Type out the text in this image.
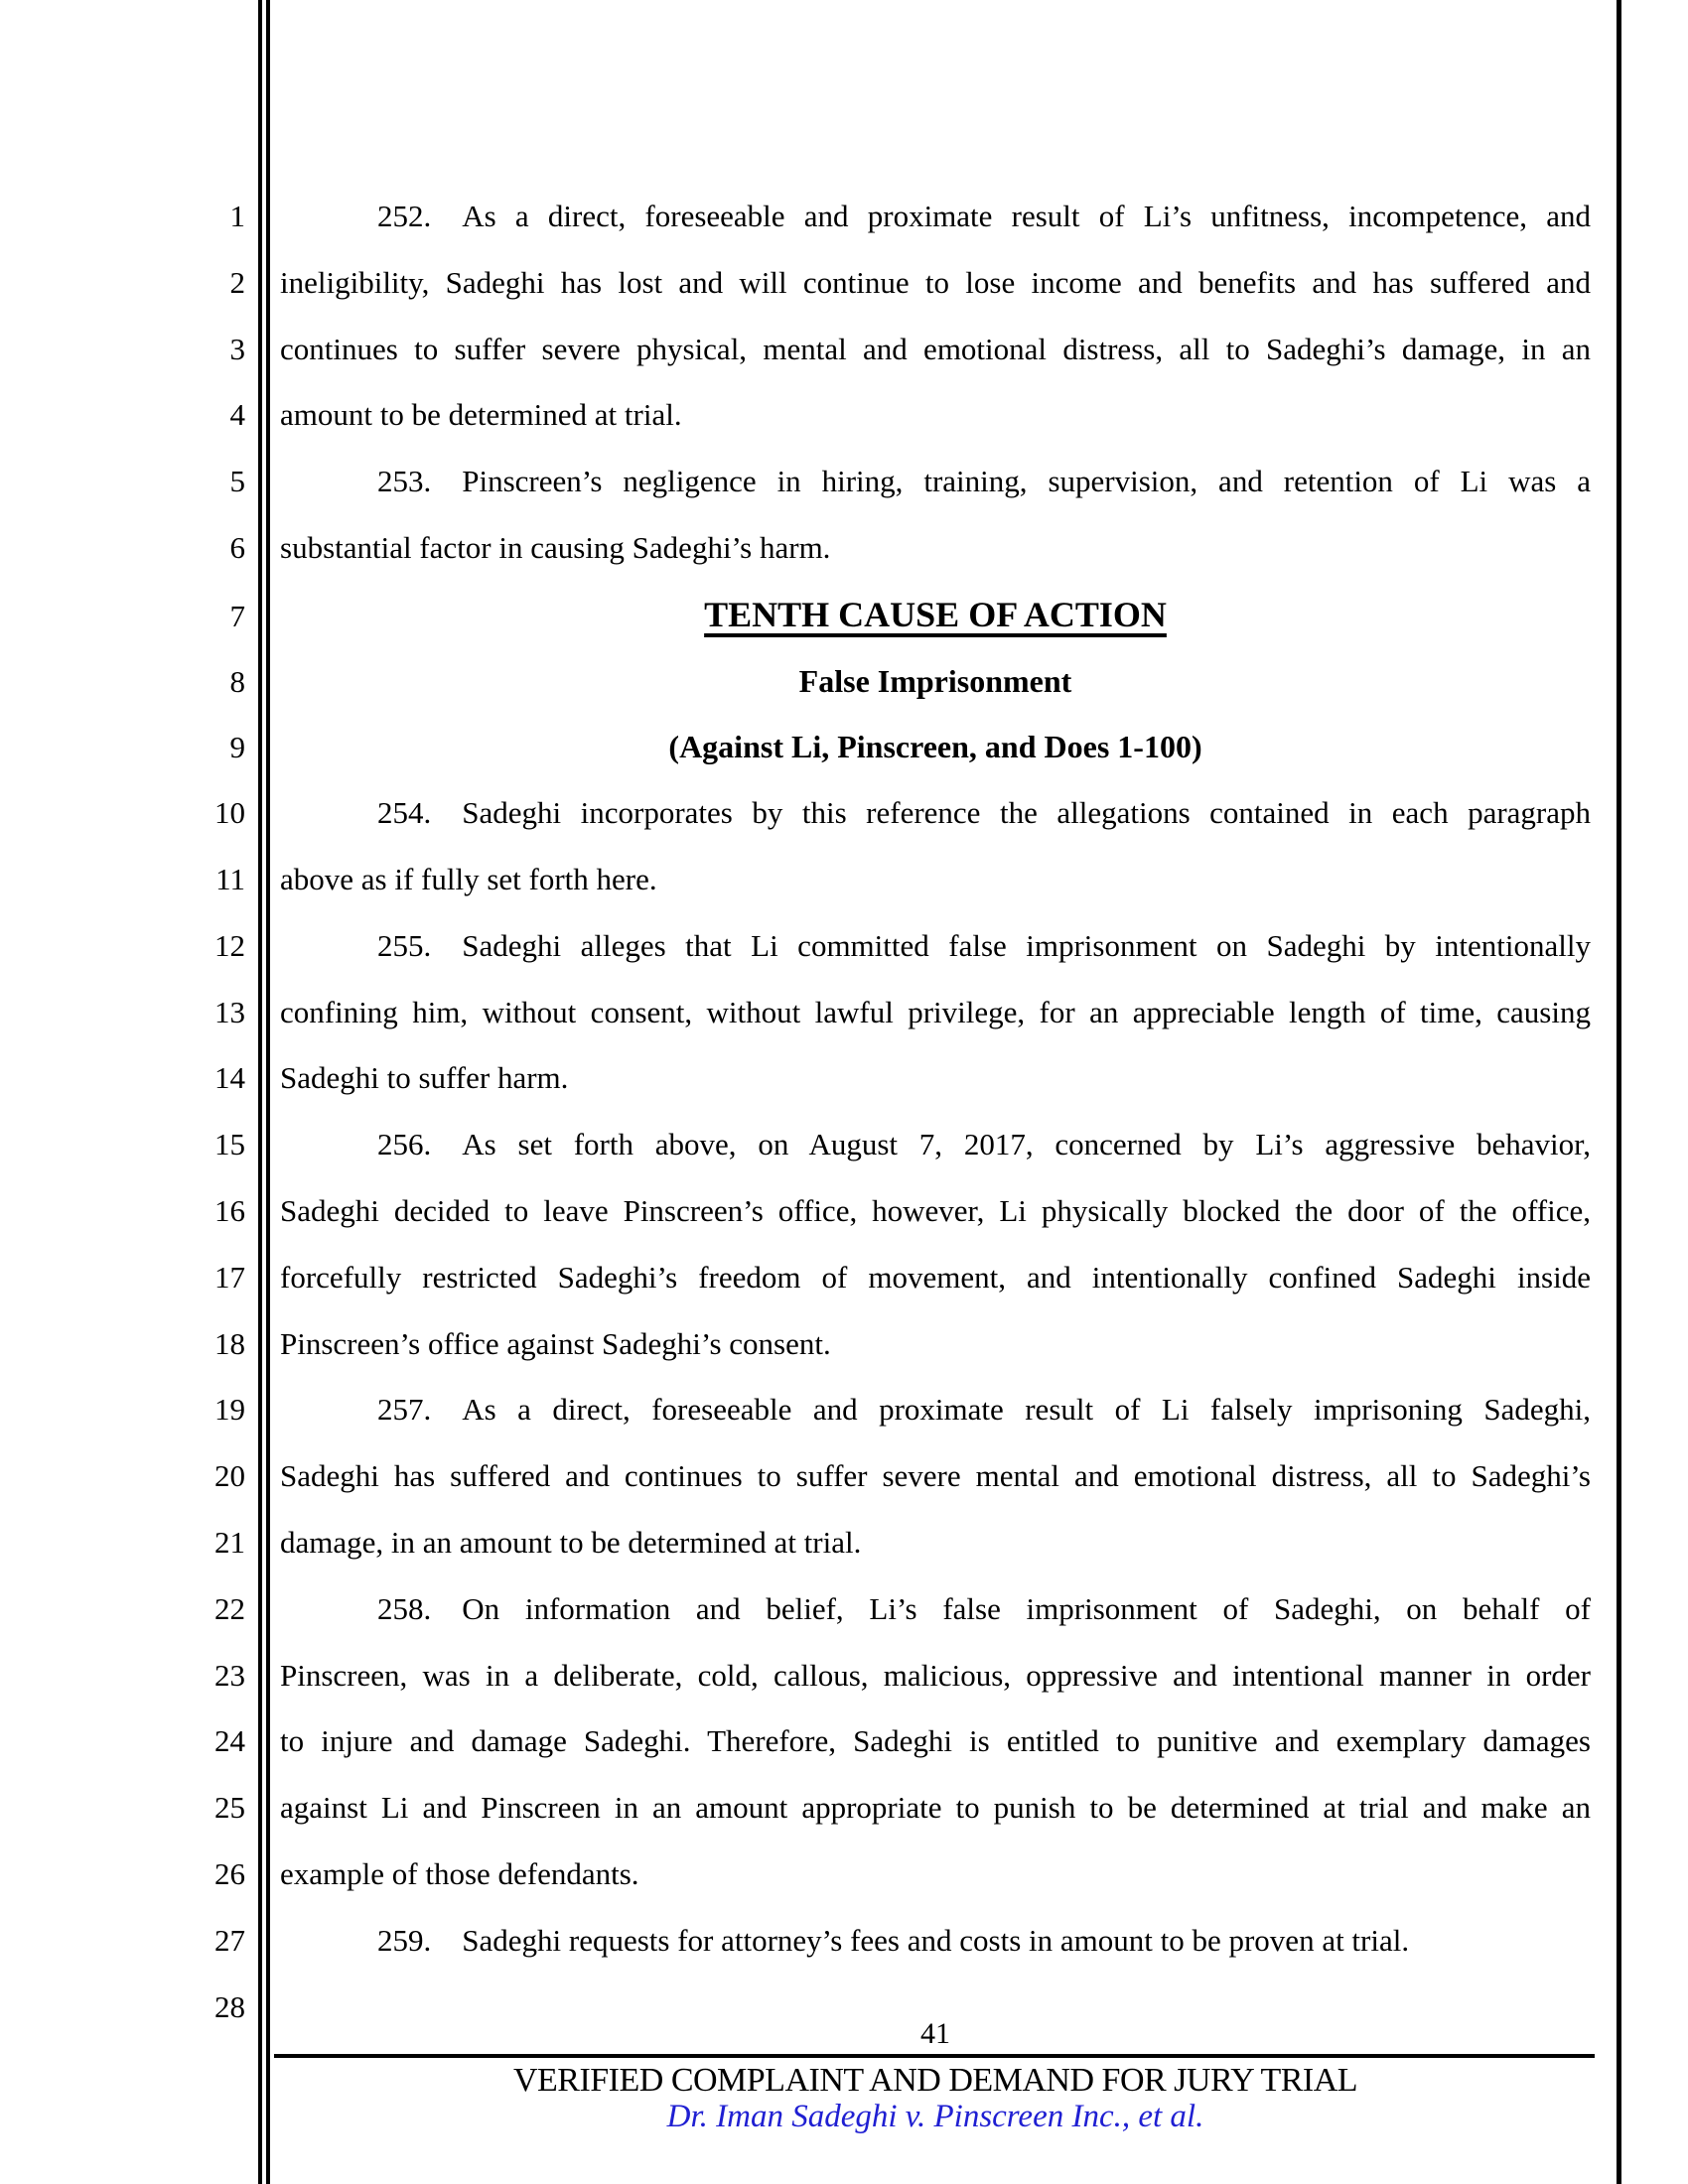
1	252. As a direct, foreseeable and proximate result of Li’s unfitness, incompetence, and
2 ineligibility, Sadeghi has lost and will continue to lose income and benefits and has suffered and
3 continues to suffer severe physical, mental and emotional distress, all to Sadeghi’s damage, in an
4 amount to be determined at trial.
5	253. Pinscreen’s negligence in hiring, training, supervision, and retention of Li was a
6 substantial factor in causing Sadeghi’s harm.
7	TENTH CAUSE OF ACTION
8	False Imprisonment
9	(Against Li, Pinscreen, and Does 1-100)
10	254. Sadeghi incorporates by this reference the allegations contained in each paragraph
11 above as if fully set forth here.
12	255. Sadeghi alleges that Li committed false imprisonment on Sadeghi by intentionally
13 confining him, without consent, without lawful privilege, for an appreciable length of time, causing
14 Sadeghi to suffer harm.
15	256. As set forth above, on August 7, 2017, concerned by Li’s aggressive behavior,
16 Sadeghi decided to leave Pinscreen’s office, however, Li physically blocked the door of the office,
17 forcefully restricted Sadeghi’s freedom of movement, and intentionally confined Sadeghi inside
18 Pinscreen’s office against Sadeghi’s consent.
19	257. As a direct, foreseeable and proximate result of Li falsely imprisoning Sadeghi,
20 Sadeghi has suffered and continues to suffer severe mental and emotional distress, all to Sadeghi’s
21 damage, in an amount to be determined at trial.
22	258. On information and belief, Li’s false imprisonment of Sadeghi, on behalf of
23 Pinscreen, was in a deliberate, cold, callous, malicious, oppressive and intentional manner in order
24 to injure and damage Sadeghi. Therefore, Sadeghi is entitled to punitive and exemplary damages
25 against Li and Pinscreen in an amount appropriate to punish to be determined at trial and make an
26 example of those defendants.
27	259. Sadeghi requests for attorney’s fees and costs in amount to be proven at trial.
28
41
VERIFIED COMPLAINT AND DEMAND FOR JURY TRIAL
Dr. Iman Sadeghi v. Pinscreen Inc., et al.
